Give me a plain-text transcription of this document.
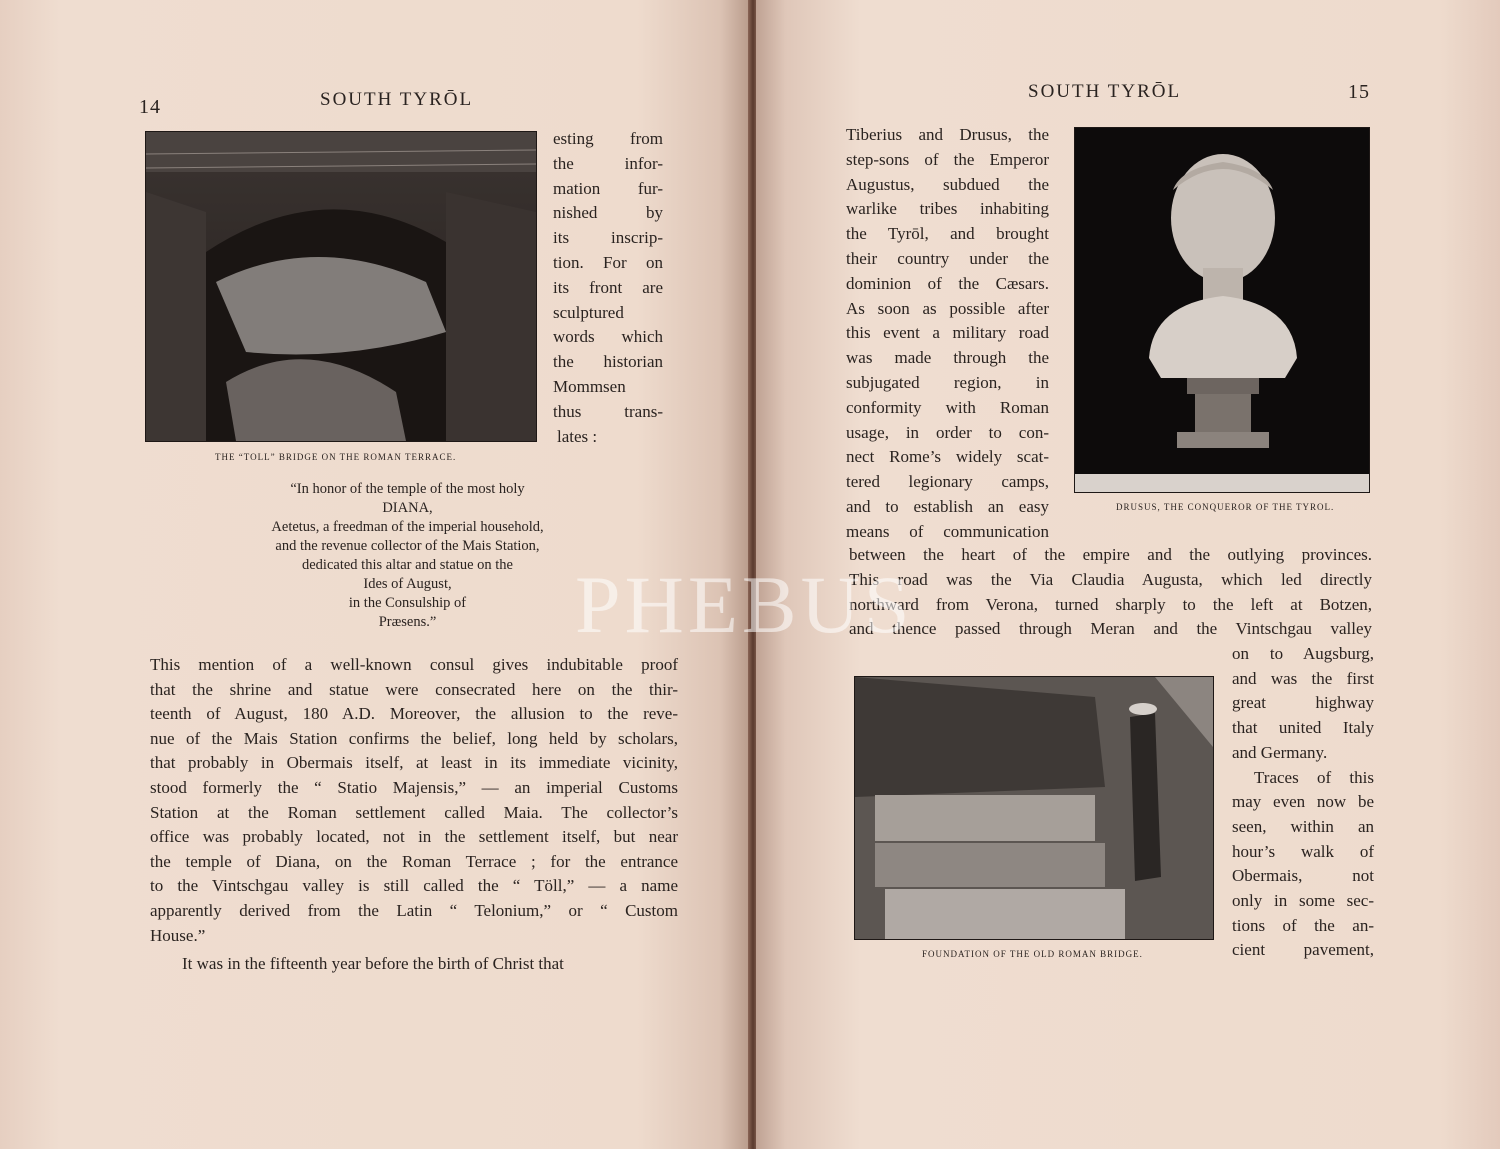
14	SOUTH TYRŌL
THE “TOLL” BRIDGE ON THE ROMAN TERRACE.
esting from
the infor-
mation fur-
nished by
its inscrip-
tion. For on
its front are
sculptured
words which
the historian
Mommsen
thus trans-
lates :
“In honor of the temple of the most holy
DIANA,
Aetetus, a freedman of the imperial household,
and the revenue collector of the Mais Station,
dedicated this altar and statue on the
Ides of August,
in the Consulship of
Præsens.”
This mention of a well-known consul gives indubitable proof
that the shrine and statue were consecrated here on the thir-
teenth of August, 180 A.D. Moreover, the allusion to the reve-
nue of the Mais Station confirms the belief, long held by scholars,
that probably in Obermais itself, at least in its immediate vicinity,
stood formerly the “ Statio Majensis,” — an imperial Customs
Station at the Roman settlement called Maia. The collector’s
office was probably located, not in the settlement itself, but near
the temple of Diana, on the Roman Terrace ; for the entrance
to the Vintschgau valley is still called the “ Töll,” — a name
apparently derived from the Latin “ Telonium,” or “ Custom
House.”
It was in the fifteenth year before the birth of Christ that
SOUTH TYRŌL	15
Tiberius and Drusus, the
step-sons of the Emperor
Augustus, subdued the
warlike tribes inhabiting
the Tyrōl, and brought
their country under the
dominion of the Cæsars.
As soon as possible after
this event a military road
was made through the
subjugated region, in
conformity with Roman
usage, in order to con-
nect Rome’s widely scat-
tered legionary camps,
and to establish an easy
means of communication
DRUSUS, THE CONQUEROR OF THE TYROL.
between the heart of the empire and the outlying provinces.
This road was the Via Claudia Augusta, which led directly
northward from Verona, turned sharply to the left at Botzen,
and thence passed through Meran and the Vintschgau valley
FOUNDATION OF THE OLD ROMAN BRIDGE.
on to Augsburg,
and was the first
great highway
that united Italy
and Germany.
Traces of this
may even now be
seen, within an
hour’s walk of
Obermais, not
only in some sec-
tions of the an-
cient pavement,
PHEBUS
